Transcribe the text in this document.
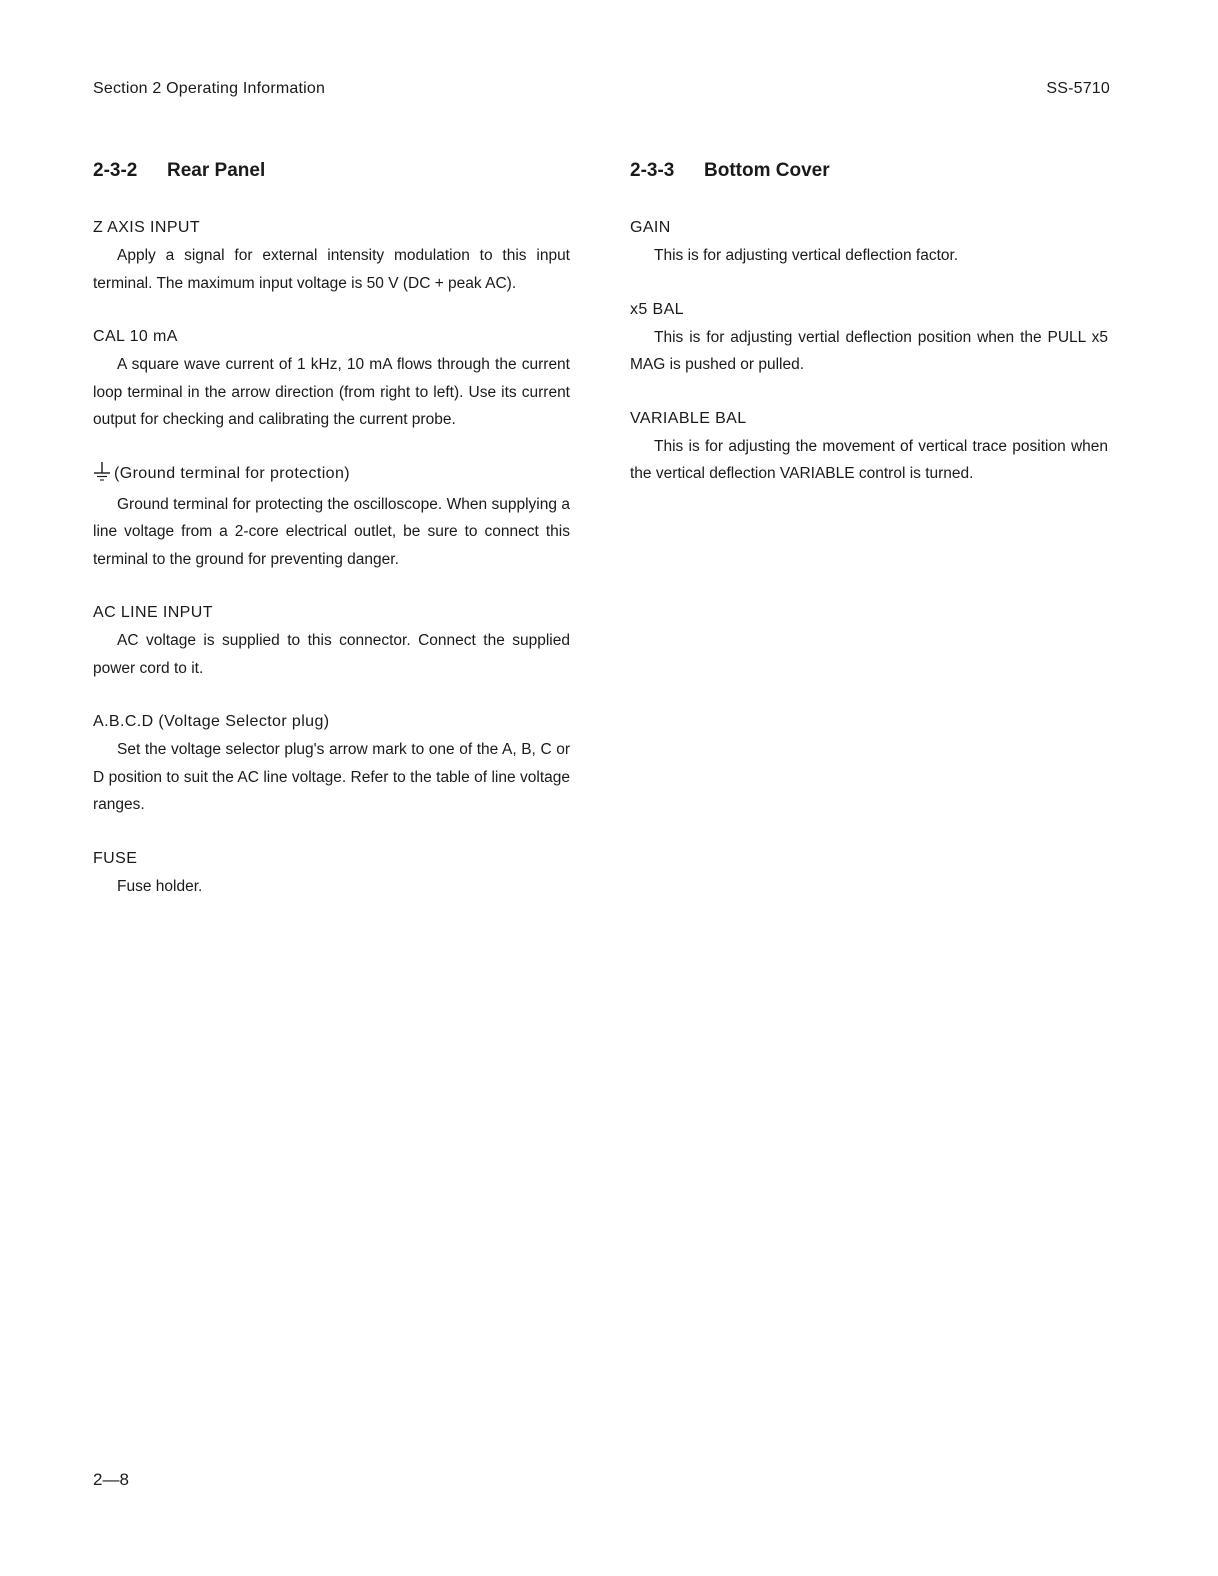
Section 2 Operating Information	SS-5710
2-3-2 Rear Panel
Z AXIS INPUT

Apply a signal for external intensity modulation to this input terminal. The maximum input voltage is 50 V (DC + peak AC).

CAL 10 mA

A square wave current of 1 kHz, 10 mA flows through the current loop terminal in the arrow direction (from right to left). Use its current output for checking and calibrating the current probe.

(Ground terminal for protection)

Ground terminal for protecting the oscilloscope. When supplying a line voltage from a 2-core electrical outlet, be sure to connect this terminal to the ground for preventing danger.

AC LINE INPUT

AC voltage is supplied to this connector. Connect the supplied power cord to it.

A.B.C.D (Voltage Selector plug)

Set the voltage selector plug's arrow mark to one of the A, B, C or D position to suit the AC line voltage. Refer to the table of line voltage ranges.

FUSE

Fuse holder.

2-3-3 Bottom Cover
GAIN

This is for adjusting vertical deflection factor.

x5 BAL

This is for adjusting vertial deflection position when the PULL x5 MAG is pushed or pulled.

VARIABLE BAL

This is for adjusting the movement of vertical trace position when the vertical deflection VARIABLE control is turned.

2—8
